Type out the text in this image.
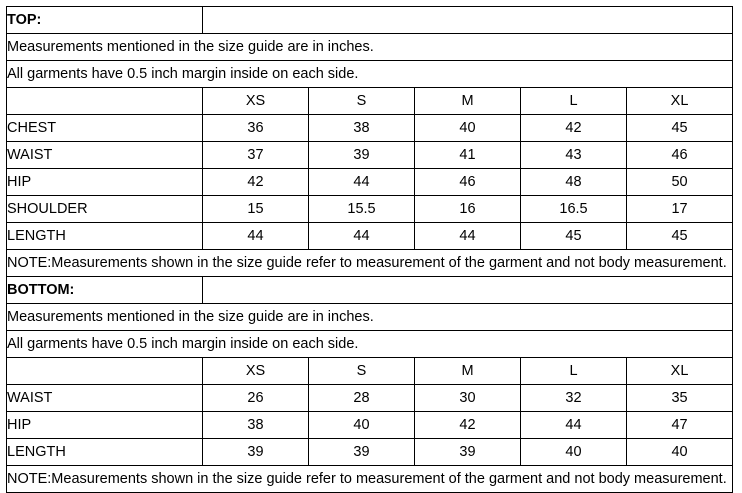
TOP:					
Measurements mentioned in the size guide are in inches.					
All garments have 0.5 inch margin inside on each side.					
	XS	S	M	L	XL
CHEST	36	38	40	42	45
WAIST	37	39	41	43	46
HIP	42	44	46	48	50
SHOULDER	15	15.5	16	16.5	17
LENGTH	44	44	44	45	45
NOTE:Measurements shown in the size guide refer to measurement of the garment and not body measurement.					
BOTTOM:					
Measurements mentioned in the size guide are in inches.					
All garments have 0.5 inch margin inside on each side.					
	XS	S	M	L	XL
WAIST	26	28	30	32	35
HIP	38	40	42	44	47
LENGTH	39	39	39	40	40
NOTE:Measurements shown in the size guide refer to measurement of the garment and not body measurement.					
